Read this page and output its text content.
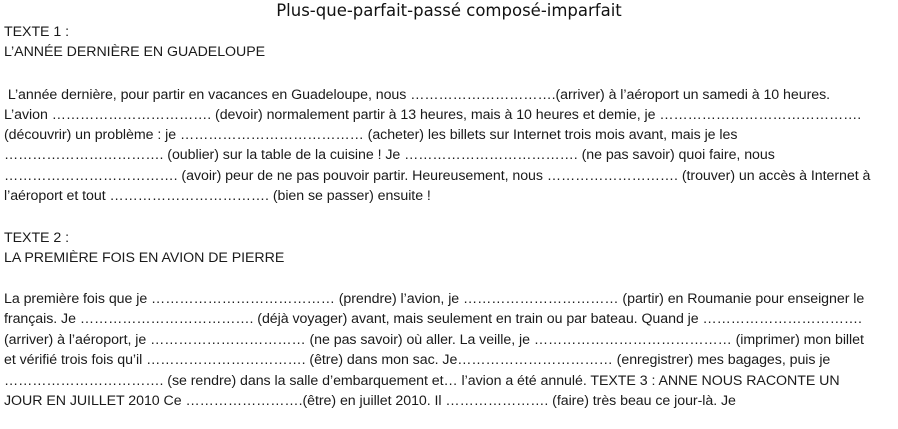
Plus-que-parfait-passé composé-imparfait
TEXTE 1 :
L’ANNÉE DERNIÈRE EN GUADELOUPE
L’année dernière, pour partir en vacances en Guadeloupe, nous ………………………….(arriver) à l’aéroport un samedi à 10 heures.
L’avion ……………………………. (devoir) normalement partir à 13 heures, mais à 10 heures et demie, je …………………………………….
(découvrir) un problème : je ………………………………… (acheter) les billets sur Internet trois mois avant, mais je les
……………………………. (oublier) sur la table de la cuisine ! Je ………………………………. (ne pas savoir) quoi faire, nous
………………………………. (avoir) peur de ne pas pouvoir partir. Heureusement, nous ………………………. (trouver) un accès à Internet à
l’aéroport et tout ……………………………. (bien se passer) ensuite !
TEXTE 2 :
LA PREMIÈRE FOIS EN AVION DE PIERRE
La première fois que je ………………………………… (prendre) l’avion, je …………………………… (partir) en Roumanie pour enseigner le
français. Je ………………………………. (déjà voyager) avant, mais seulement en train ou par bateau. Quand je …………………………….
(arriver) à l’aéroport, je …………………………… (ne pas savoir) où aller. La veille, je …………………………………… (imprimer) mon billet
et vérifié trois fois qu’il ……………………………. (être) dans mon sac. Je…………………………… (enregistrer) mes bagages, puis je
……………………………. (se rendre) dans la salle d’embarquement et… l’avion a été annulé. TEXTE 3 : ANNE NOUS RACONTE UN
JOUR EN JUILLET 2010 Ce …………………….(être) en juillet 2010. Il …………………. (faire) très beau ce jour-là. Je
